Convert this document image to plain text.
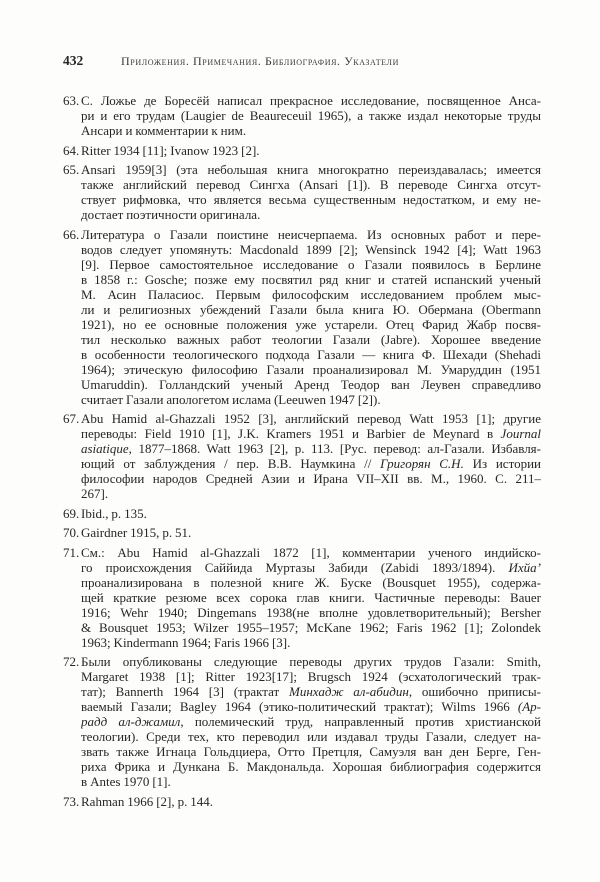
432	Приложения. Примечания. Библиография. Указатели
63. С. Ложье де Боресёй написал прекрасное исследование, посвященное Анса-
ри и его трудам (Laugier de Beaureceuil 1965), а также издал некоторые труды
Ансари и комментарии к ним.
64. Ritter 1934 [11]; Ivanow 1923 [2].
65. Ansari 1959[3] (эта небольшая книга многократно переиздавалась; имеется
также английский перевод Сингха (Ansari [1]). В переводе Сингха отсут-
ствует рифмовка, что является весьма существенным недостатком, и ему не-
достает поэтичности оригинала.
66. Литература о Газали поистине неисчерпаема. Из основных работ и пере-
водов следует упомянуть: Macdonald 1899 [2]; Wensinck 1942 [4]; Watt 1963
[9]. Первое самостоятельное исследование о Газали появилось в Берлине
в 1858 г.: Gosche; позже ему посвятил ряд книг и статей испанский ученый
М. Асин Паласиос. Первым философским исследованием проблем мыс-
ли и религиозных убеждений Газали была книга Ю. Обермана (Obermann
1921), но ее основные положения уже устарели. Отец Фарид Жабр посвя-
тил несколько важных работ теологии Газали (Jabre). Хорошее введение
в особенности теологического подхода Газали — книга Ф. Шехади (Shehadi
1964); этическую философию Газали проанализировал М. Умаруддин (1951
Umaruddin). Голландский ученый Аренд Теодор ван Леувен справедливо
считает Газали апологетом ислама (Leeuwen 1947 [2]).
67. Abu Hamid al-Ghazzali 1952 [3], английский перевод Watt 1953 [1]; другие
переводы: Field 1910 [1], J.K. Kramers 1951 и Barbier de Meynard в Journal
asiatique, 1877–1868. Watt 1963 [2], p. 113. [Рус. перевод: ал-Газали. Избавля-
ющий от заблуждения / пер. В.В. Наумкина // Григорян С.Н. Из истории
философии народов Средней Азии и Ирана VII–XII вв. М., 1960. С. 211–
267].
69. Ibid., p. 135.
70. Gairdner 1915, p. 51.
71. См.: Abu Hamid al-Ghazzali 1872 [1], комментарии ученого индийско-
го происхождения Саййида Муртазы Забиди (Zabidi 1893/1894). Ихйа’
проанализирована в полезной книге Ж. Буске (Bousquet 1955), содержа-
щей краткие резюме всех сорока глав книги. Частичные переводы: Bauer
1916; Wehr 1940; Dingemans 1938(не вполне удовлетворительный); Bersher
& Bousquet 1953; Wilzer 1955–1957; McKane 1962; Faris 1962 [1]; Zolondek
1963; Kindermann 1964; Faris 1966 [3].
72. Были опубликованы следующие переводы других трудов Газали: Smith,
Margaret 1938 [1]; Ritter 1923[17]; Brugsch 1924 (эсхатологический трак-
тат); Bannerth 1964 [3] (трактат Минхадж ал-абидин, ошибочно приписы-
ваемый Газали; Bagley 1964 (этико-политический трактат); Wilms 1966 (Ар-
радд ал-джамил, полемический труд, направленный против христианской
теологии). Среди тех, кто переводил или издавал труды Газали, следует на-
звать также Игнаца Гольдциера, Отто Претцля, Самуэля ван ден Берге, Ген-
риха Фрика и Дункана Б. Макдональда. Хорошая библиография содержится
в Antes 1970 [1].
73. Rahman 1966 [2], p. 144.
